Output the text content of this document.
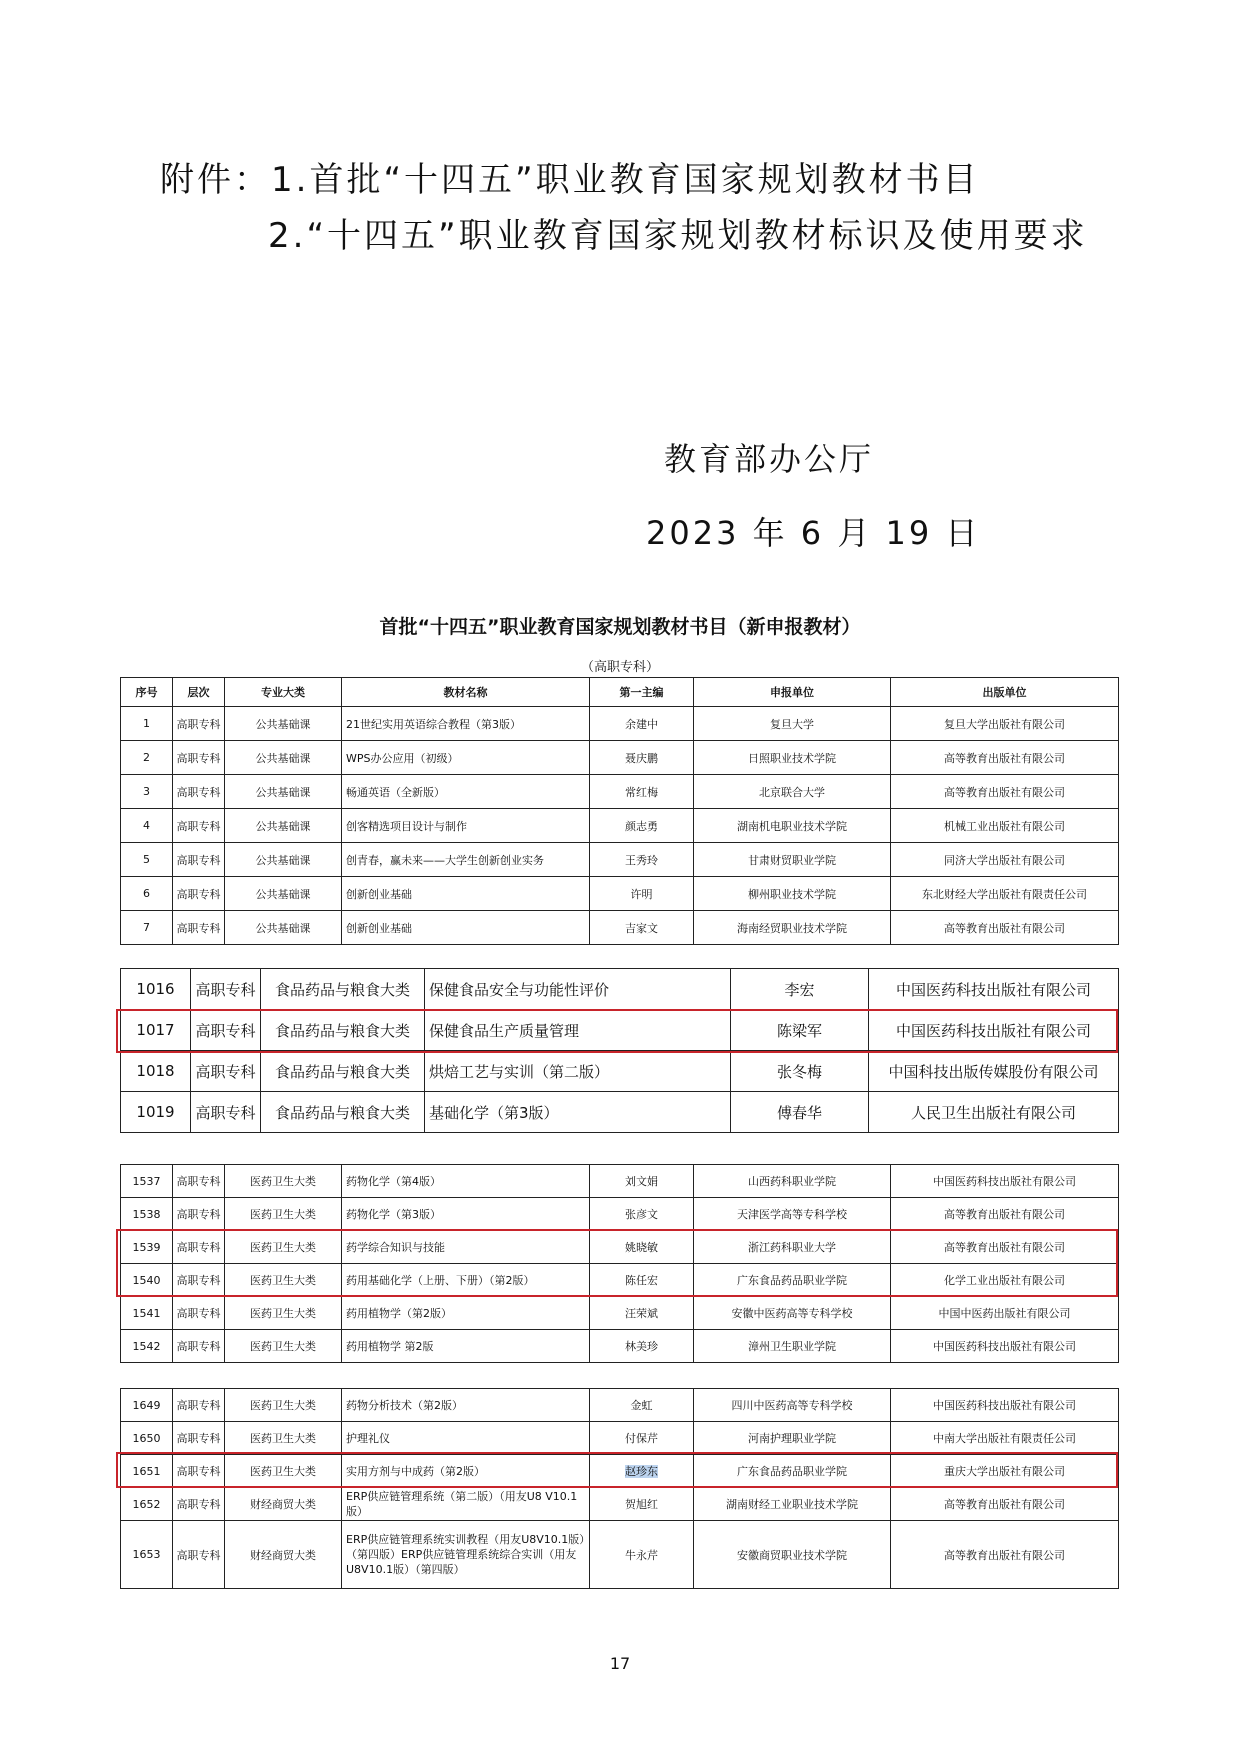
附件：1.首批“十四五”职业教育国家规划教材书目
2.“十四五”职业教育国家规划教材标识及使用要求
教育部办公厅
2023 年 6 月 19 日
首批“十四五”职业教育国家规划教材书目（新申报教材）
（高职专科）
序号	层次	专业大类	教材名称	第一主编	申报单位	出版单位
1	高职专科	公共基础课	21世纪实用英语综合教程（第3版）	余建中	复旦大学	复旦大学出版社有限公司
2	高职专科	公共基础课	WPS办公应用（初级）	聂庆鹏	日照职业技术学院	高等教育出版社有限公司
3	高职专科	公共基础课	畅通英语（全新版）	常红梅	北京联合大学	高等教育出版社有限公司
4	高职专科	公共基础课	创客精选项目设计与制作	颜志勇	湖南机电职业技术学院	机械工业出版社有限公司
5	高职专科	公共基础课	创青春，赢未来——大学生创新创业实务	王秀玲	甘肃财贸职业学院	同济大学出版社有限公司
6	高职专科	公共基础课	创新创业基础	许明	柳州职业技术学院	东北财经大学出版社有限责任公司
7	高职专科	公共基础课	创新创业基础	吉家文	海南经贸职业技术学院	高等教育出版社有限公司
1016	高职专科	食品药品与粮食大类	保健食品安全与功能性评价	李宏	中国医药科技出版社有限公司
1017	高职专科	食品药品与粮食大类	保健食品生产质量管理	陈梁军	中国医药科技出版社有限公司
1018	高职专科	食品药品与粮食大类	烘焙工艺与实训（第二版）	张冬梅	中国科技出版传媒股份有限公司
1019	高职专科	食品药品与粮食大类	基础化学（第3版）	傅春华	人民卫生出版社有限公司
1537	高职专科	医药卫生大类	药物化学（第4版）	刘文娟	山西药科职业学院	中国医药科技出版社有限公司
1538	高职专科	医药卫生大类	药物化学（第3版）	张彦文	天津医学高等专科学校	高等教育出版社有限公司
1539	高职专科	医药卫生大类	药学综合知识与技能	姚晓敏	浙江药科职业大学	高等教育出版社有限公司
1540	高职专科	医药卫生大类	药用基础化学（上册、下册）（第2版）	陈任宏	广东食品药品职业学院	化学工业出版社有限公司
1541	高职专科	医药卫生大类	药用植物学（第2版）	汪荣斌	安徽中医药高等专科学校	中国中医药出版社有限公司
1542	高职专科	医药卫生大类	药用植物学 第2版	林美珍	漳州卫生职业学院	中国医药科技出版社有限公司
1649	高职专科	医药卫生大类	药物分析技术（第2版）	金虹	四川中医药高等专科学校	中国医药科技出版社有限公司
1650	高职专科	医药卫生大类	护理礼仪	付保芹	河南护理职业学院	中南大学出版社有限责任公司
1651	高职专科	医药卫生大类	实用方剂与中成药（第2版）	赵珍东	广东食品药品职业学院	重庆大学出版社有限公司
1652	高职专科	财经商贸大类	ERP供应链管理系统（第二版）（用友U8 V10.1版）	贺旭红	湖南财经工业职业技术学院	高等教育出版社有限公司
1653	高职专科	财经商贸大类	ERP供应链管理系统实训教程（用友U8V10.1版）（第四版）ERP供应链管理系统综合实训（用友U8V10.1版）（第四版）	牛永芹	安徽商贸职业技术学院	高等教育出版社有限公司
17
